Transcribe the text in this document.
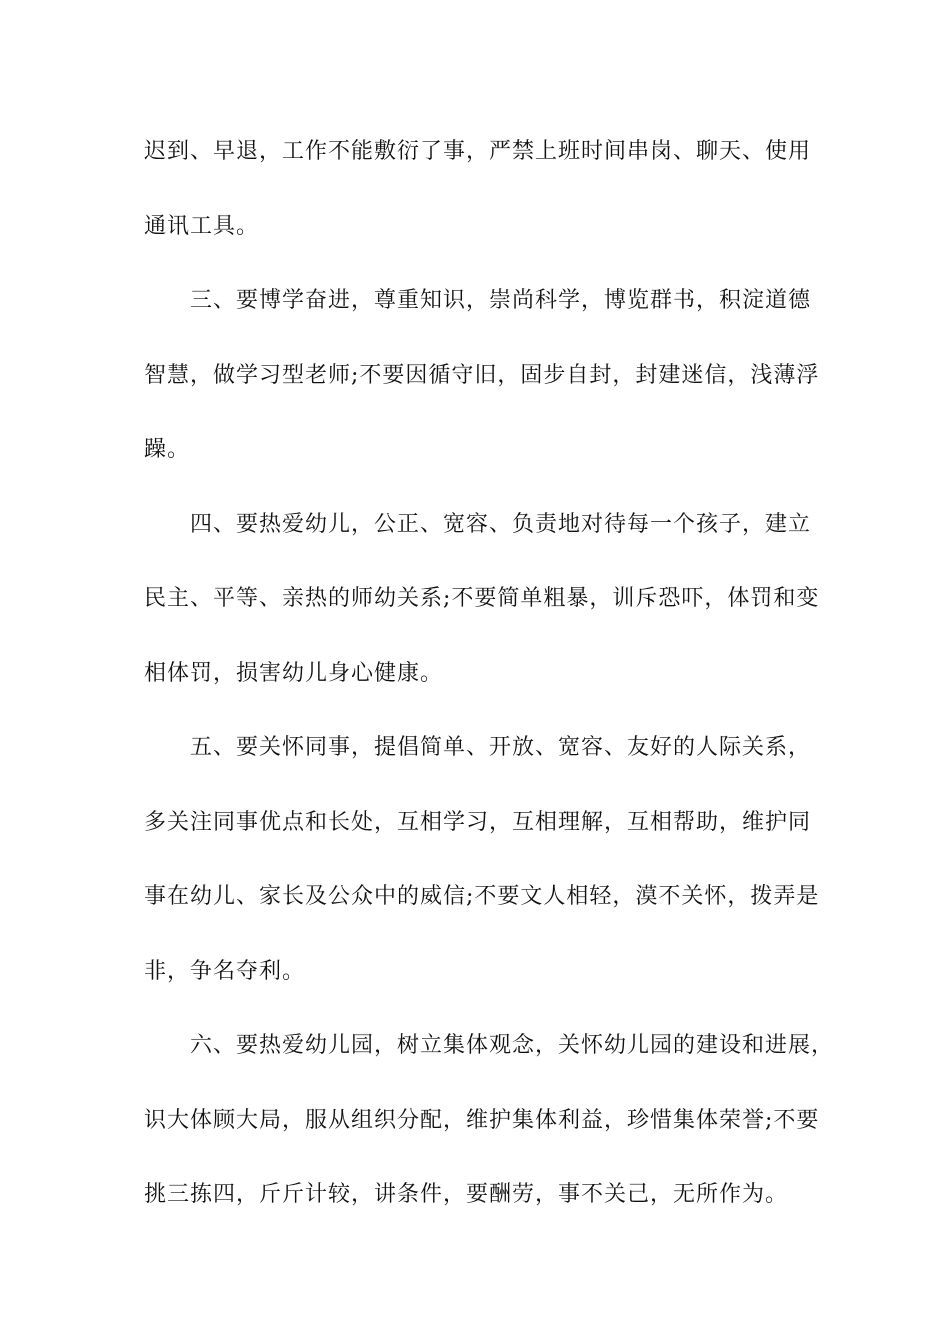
迟到、早退，工作不能敷衍了事，严禁上班时间串岗、聊天、使用
通讯工具。
三、要博学奋进，尊重知识，崇尚科学，博览群书，积淀道德
智慧，做学习型老师;不要因循守旧，固步自封，封建迷信，浅薄浮
躁。
四、要热爱幼儿，公正、宽容、负责地对待每一个孩子，建立
民主、平等、亲热的师幼关系;不要简单粗暴，训斥恐吓，体罚和变
相体罚，损害幼儿身心健康。
五、要关怀同事，提倡简单、开放、宽容、友好的人际关系，
多关注同事优点和长处，互相学习，互相理解，互相帮助，维护同
事在幼儿、家长及公众中的威信;不要文人相轻，漠不关怀，拨弄是
非，争名夺利。
六、要热爱幼儿园，树立集体观念，关怀幼儿园的建设和进展，
识大体顾大局，服从组织分配，维护集体利益，珍惜集体荣誉;不要
挑三拣四，斤斤计较，讲条件，要酬劳，事不关己，无所作为。
